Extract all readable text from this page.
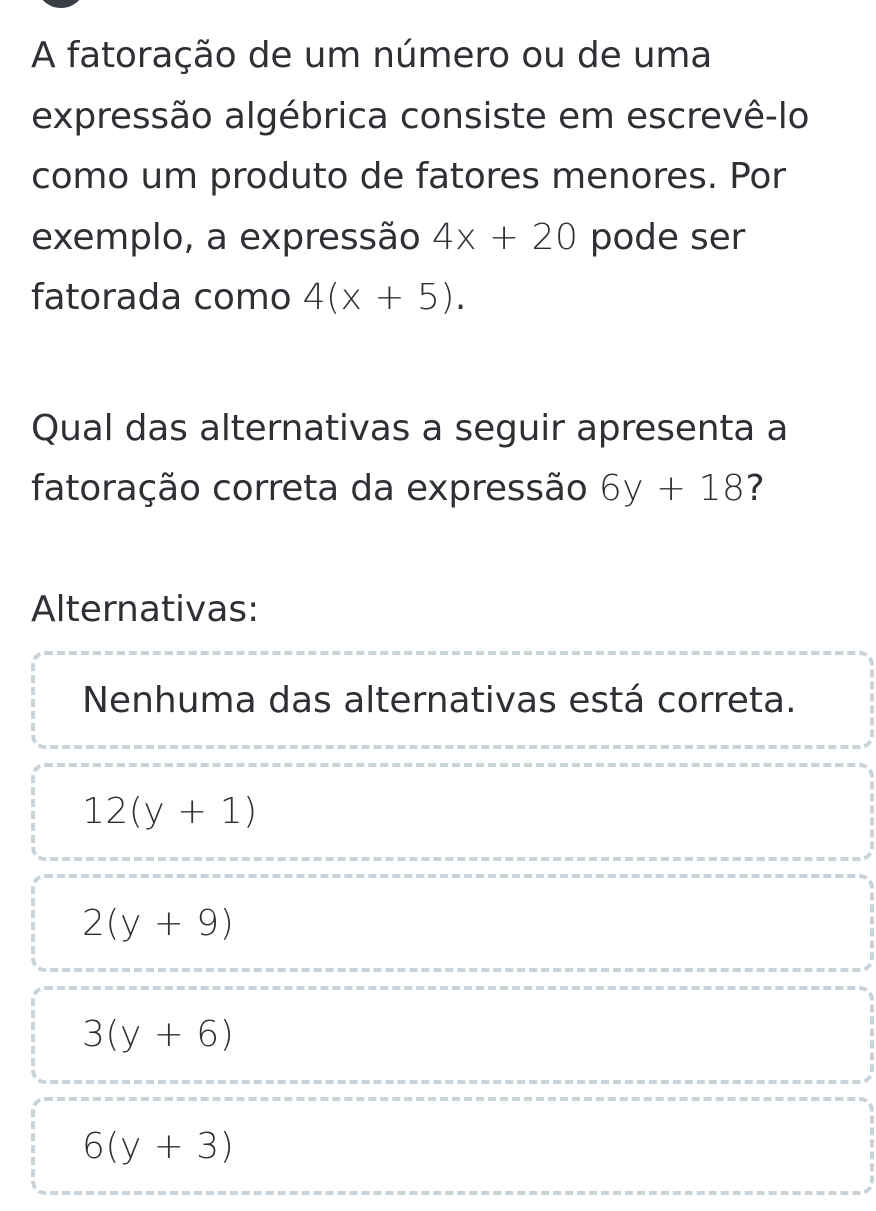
A fatoração de um número ou de uma
expressão algébrica consiste em escrevê-lo
como um produto de fatores menores. Por
exemplo, a expressão 4x + 20 pode ser
fatorada como 4(x + 5).

Qual das alternativas a seguir apresenta a
fatoração correta da expressão 6y + 18?

Alternativas:
Nenhuma das alternativas está correta.
12(y + 1)
2(y + 9)
3(y + 6)
6(y + 3)
